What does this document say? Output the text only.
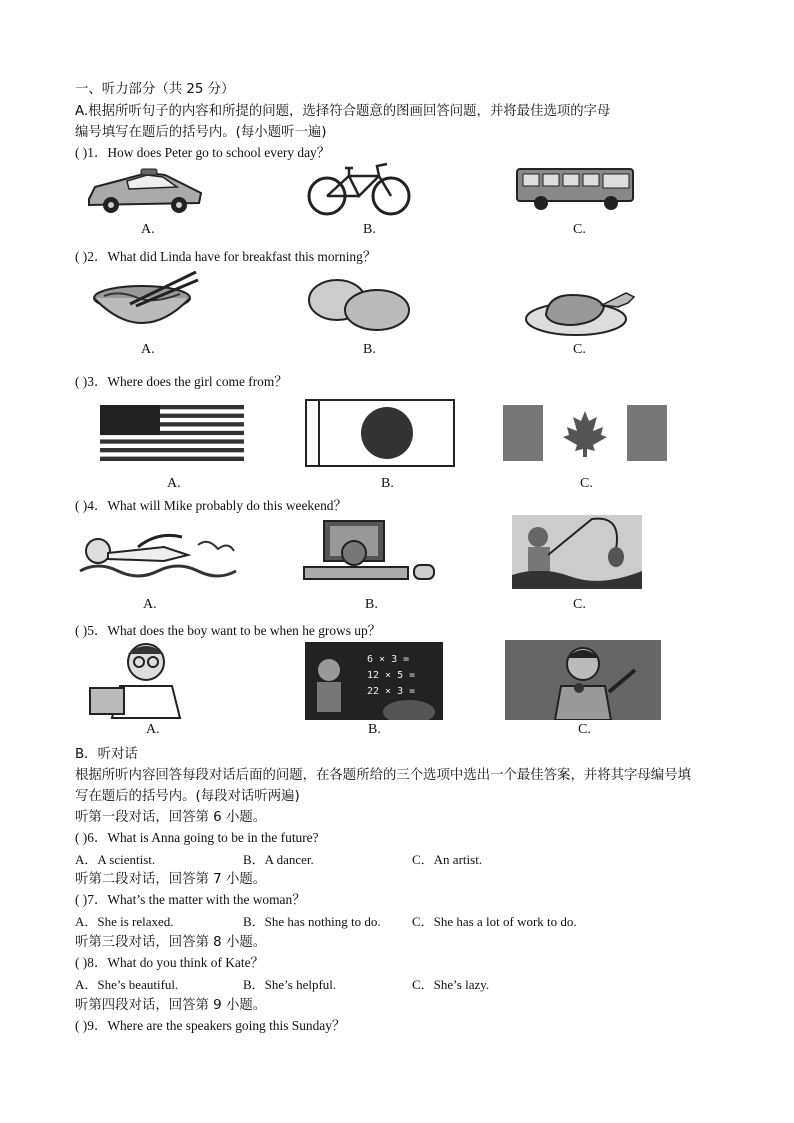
一、听力部分（共 25 分）
A.根据所听句子的内容和所提的问题，选择符合题意的图画回答问题，并将最佳选项的字母
编号填写在题后的括号内。(每小题听一遍)
( )1．How does Peter go to school every day？
A.	B.	C.
( )2．What did Linda have for breakfast this morning？
A.	B.	C.
( )3．Where does the girl come from？
A.	B.	C.
( )4．What will Mike probably do this weekend？
A.	B.	C.
( )5．What does the boy want to be when he grows up？
6 × 3 =
12 × 5 =
22 × 3 =
A.	B.	C.
B．听对话
根据所听内容回答每段对话后面的问题，在各题所给的三个选项中选出一个最佳答案，并将其字母编号填
写在题后的括号内。(每段对话听两遍)
听第一段对话，回答第 6 小题。
( )6．What is Anna going to be in the future?
A．A scientist.	B．A dancer.	C．An artist.
听第二段对话，回答第 7 小题。
( )7．What’s the matter with the woman？
A．She is relaxed.	B．She has nothing to do. C．She has a lot of work to do.
听第三段对话，回答第 8 小题。
( )8．What do you think of Kate？
A．She’s beautiful.	B．She’s helpful.	C．She’s lazy.
听第四段对话，回答第 9 小题。
( )9．Where are the speakers going this Sunday？
